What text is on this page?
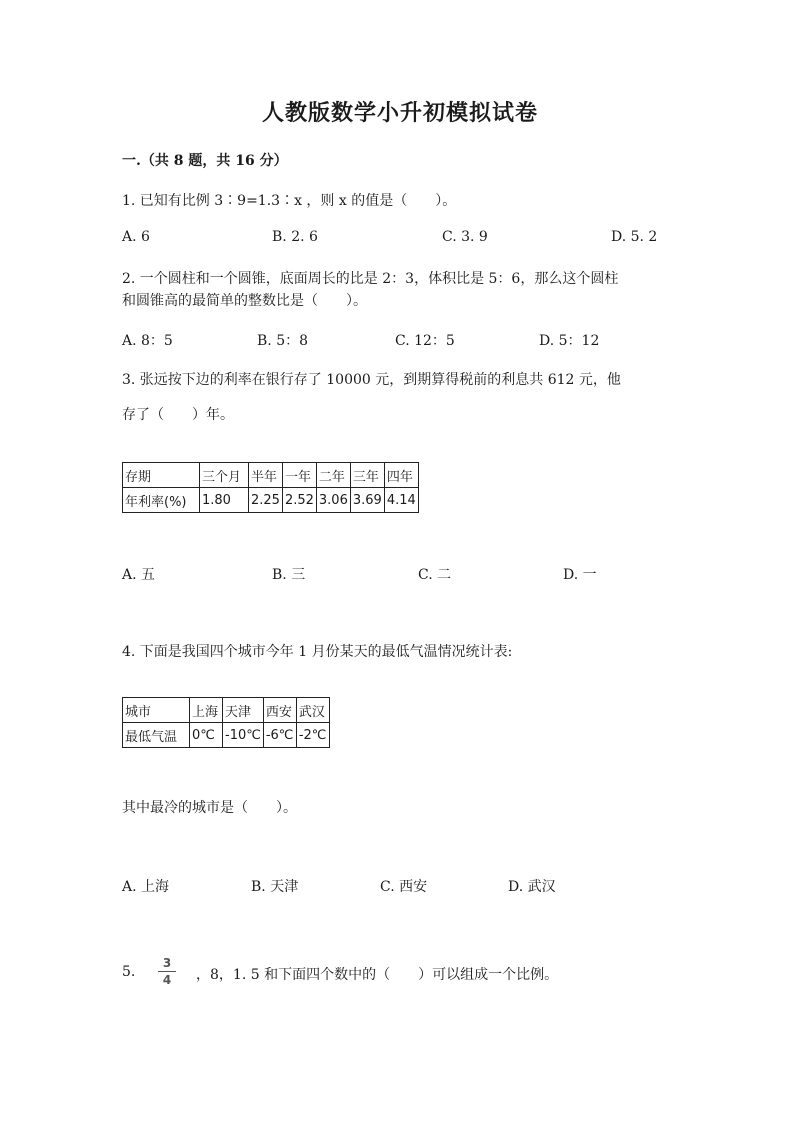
人教版数学小升初模拟试卷
一.（共 8 题，共 16 分）
1. 已知有比例 3∶9=1.3∶x ，则 x 的值是（　　）。
A. 6	B. 2. 6	C. 3. 9	D. 5. 2
2. 一个圆柱和一个圆锥，底面周长的比是 2：3，体积比是 5：6，那么这个圆柱
和圆锥高的最简单的整数比是（　　）。
A. 8：5	B. 5：8	C. 12：5	D. 5：12
3. 张远按下边的利率在银行存了 10000 元，到期算得税前的利息共 612 元，他
存了（　　）年。
存期	三个月	半年	一年	二年	三年	四年
年利率(%)	1.80	2.25	2.52	3.06	3.69	4.14
A. 五	B. 三	C. 二	D. 一
4. 下面是我国四个城市今年 1 月份某天的最低气温情况统计表:
城市	上海	天津	西安	武汉
最低气温	0℃	-10℃	-6℃	-2℃
其中最冷的城市是（　　）。
A. 上海	B. 天津	C. 西安	D. 武汉
5.
3
4	，8，1. 5 和下面四个数中的（　　）可以组成一个比例。
